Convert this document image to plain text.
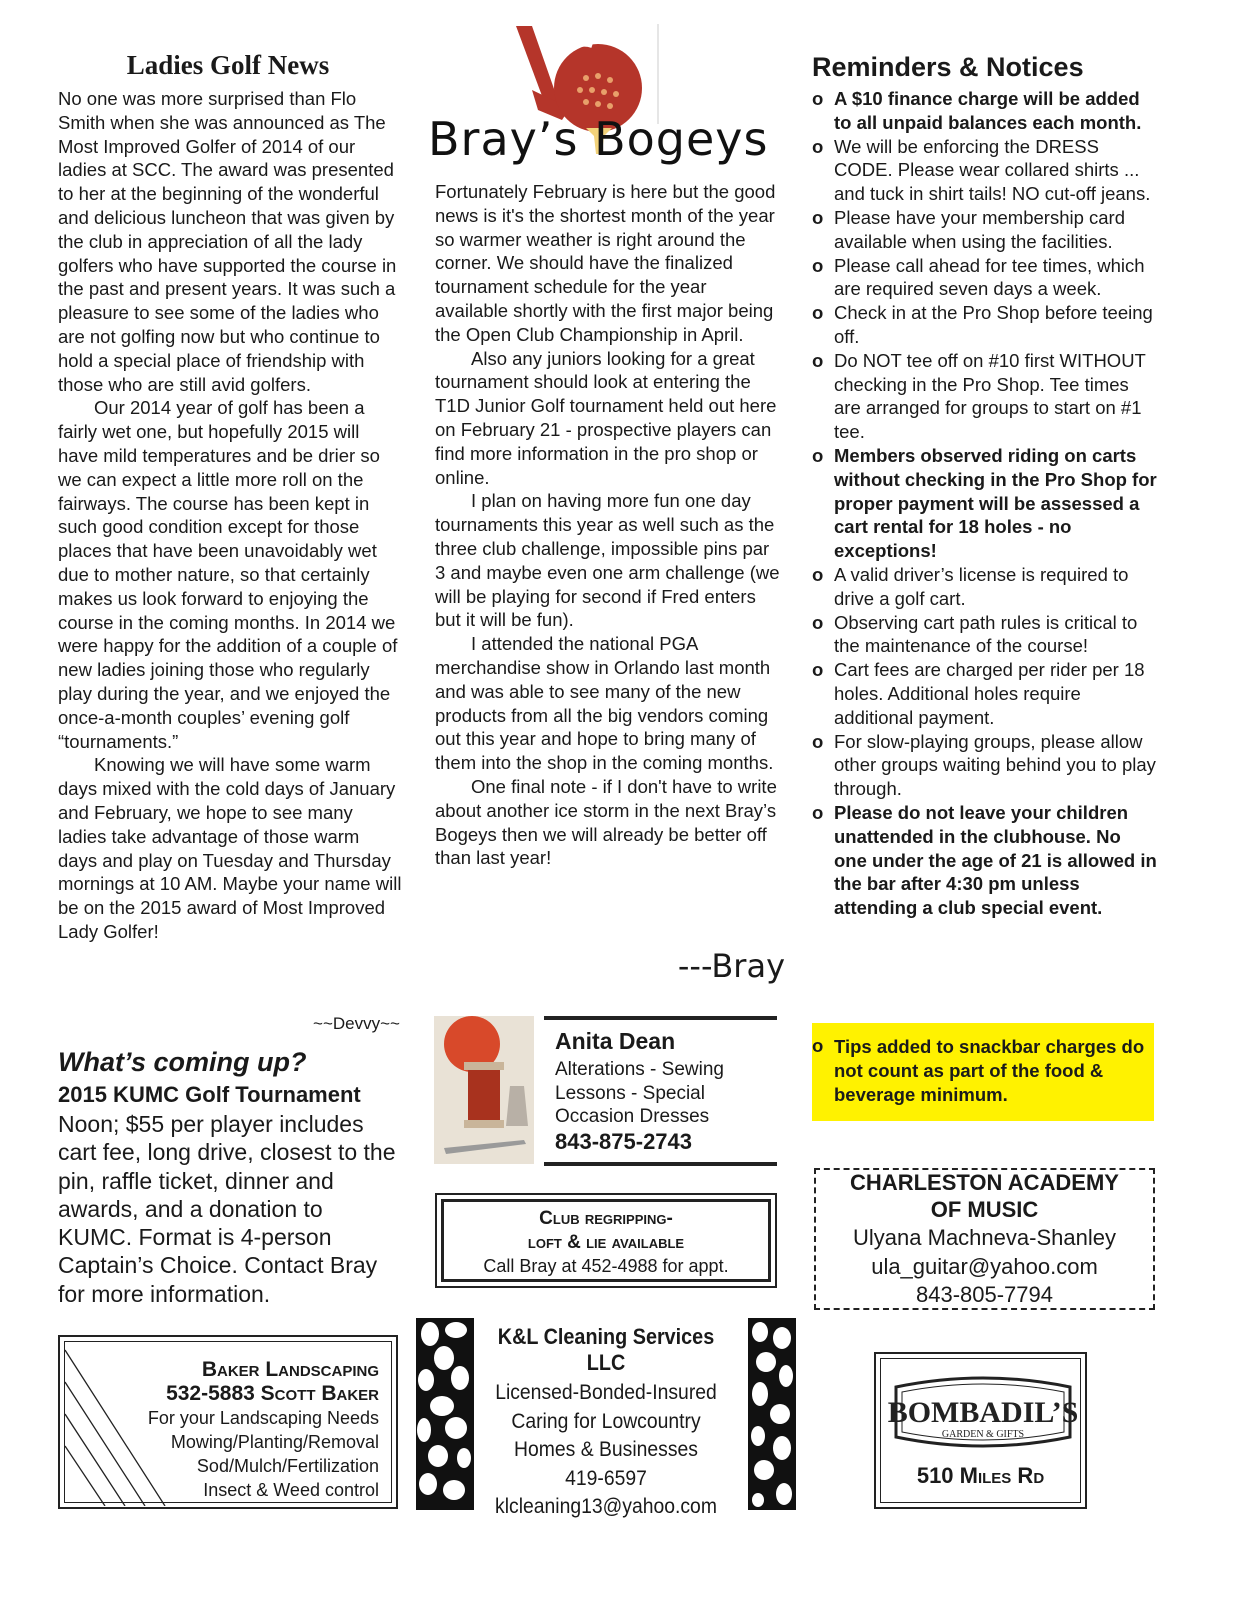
Ladies Golf News

No one was more surprised than Flo Smith when she was announced as The Most Improved Golfer of 2014 of our ladies at SCC. The award was presented to her at the beginning of the wonderful and delicious luncheon that was given by the club in appreciation of all the lady golfers who have supported the course in the past and present years. It was such a pleasure to see some of the ladies who are not golfing now but who continue to hold a special place of friendship with those who are still avid golfers.

Our 2014 year of golf has been a fairly wet one, but hopefully 2015 will have mild temperatures and be drier so we can expect a little more roll on the fairways. The course has been kept in such good condition except for those places that have been unavoidably wet due to mother nature, so that certainly makes us look forward to enjoying the course in the coming months. In 2014 we were happy for the addition of a couple of new ladies joining those who regularly play during the year, and we enjoyed the once-a-month couples’ evening golf “tournaments.”

Knowing we will have some warm days mixed with the cold days of January and February, we hope to see many ladies take advantage of those warm days and play on Tuesday and Thursday mornings at 10 AM. Maybe your name will be on the 2015 award of Most Improved Lady Golfer!

~~Devvy~~
What’s coming up?
2015 KUMC Golf Tournament
Noon; $55 per player includes cart fee, long drive, closest to the pin, raffle ticket, dinner and awards, and a donation to KUMC. Format is 4-person Captain’s Choice. Contact Bray for more information.
Baker Landscaping
532-5883 Scott Baker
For your Landscaping Needs
Mowing/Planting/Removal
Sod/Mulch/Fertilization
Insect & Weed control
Bray’s Bogeys

Fortunately February is here but the good news is it's the shortest month of the year so warmer weather is right around the corner. We should have the finalized tournament schedule for the year available shortly with the first major being the Open Club Championship in April.

Also any juniors looking for a great tournament should look at entering the T1D Junior Golf tournament held out here on February 21 - prospective players can find more information in the pro shop or online.

I plan on having more fun one day tournaments this year as well such as the three club challenge, impossible pins par 3 and maybe even one arm challenge (we will be playing for second if Fred enters but it will be fun).

I attended the national PGA merchandise show in Orlando last month and was able to see many of the new products from all the big vendors coming out this year and hope to bring many of them into the shop in the coming months.

One final note - if I don't have to write about another ice storm in the next Bray’s Bogeys then we will already be better off than last year!

---Bray
Anita Dean
Alterations - Sewing
Lessons - Special
Occasion Dresses
843-875-2743
Club regripping-
loft & lie available
Call Bray at 452-4988 for appt.
K&L Cleaning Services LLC
Licensed-Bonded-Insured
Caring for Lowcountry
Homes & Businesses
419-6597
klcleaning13@yahoo.com
Reminders & Notices
o A $10 finance charge will be added to all unpaid balances each month.
o We will be enforcing the DRESS CODE. Please wear collared shirts ... and tuck in shirt tails! NO cut-off jeans.
o Please have your membership card available when using the facilities.
o Please call ahead for tee times, which are required seven days a week.
o Check in at the Pro Shop before teeing off.
o Do NOT tee off on #10 first WITHOUT checking in the Pro Shop. Tee times are arranged for groups to start on #1 tee.
o Members observed riding on carts without checking in the Pro Shop for proper payment will be assessed a cart rental for 18 holes - no exceptions!
o A valid driver’s license is required to drive a golf cart.
o Observing cart path rules is critical to the maintenance of the course!
o Cart fees are charged per rider per 18 holes. Additional holes require additional payment.
o For slow-playing groups, please allow other groups waiting behind you to play through.
o Please do not leave your children unattended in the clubhouse. No one under the age of 21 is allowed in the bar after 4:30 pm unless attending a club special event.
o Tips added to snackbar charges do not count as part of the food & beverage minimum.
CHARLESTON ACADEMY
OF MUSIC
Ulyana Machneva-Shanley
ula_guitar@yahoo.com
843-805-7794
BOMBADIL’S
GARDEN & GIFTS
510 Miles Rd
